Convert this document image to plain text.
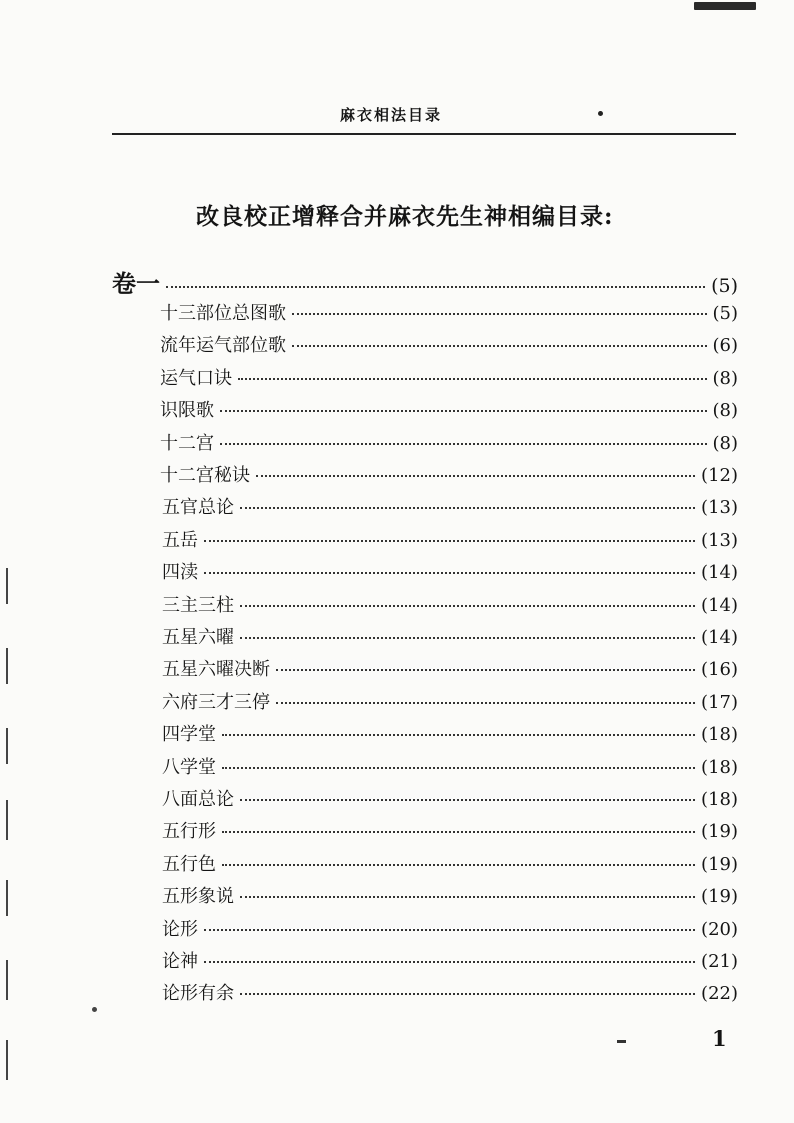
麻衣相法目录
改良校正增释合并麻衣先生神相编目录:
卷一	(5)
十三部位总图歌	(5)
流年运气部位歌	(6)
运气口诀	(8)
识限歌	(8)
十二宫	(8)
十二宫秘诀	(12)
五官总论	(13)
五岳	(13)
四渎	(14)
三主三柱	(14)
五星六曜	(14)
五星六曜决断	(16)
六府三才三停	(17)
四学堂	(18)
八学堂	(18)
八面总论	(18)
五行形	(19)
五行色	(19)
五形象说	(19)
论形	(20)
论神	(21)
论形有余	(22)
1
